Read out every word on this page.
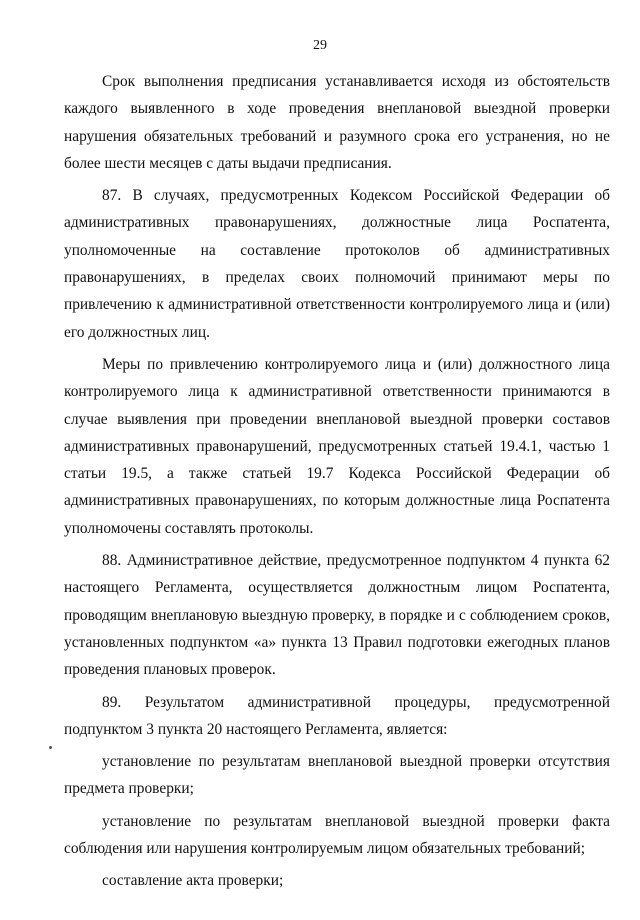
29

Срок выполнения предписания устанавливается исходя из обстоятельств каждого выявленного в ходе проведения внеплановой выездной проверки нарушения обязательных требований и разумного срока его устранения, но не более шести месяцев с даты выдачи предписания.

87. В случаях, предусмотренных Кодексом Российской Федерации об административных правонарушениях, должностные лица Роспатента, уполномоченные на составление протоколов об административных правонарушениях, в пределах своих полномочий принимают меры по привлечению к административной ответственности контролируемого лица и (или) его должностных лиц.

Меры по привлечению контролируемого лица и (или) должностного лица контролируемого лица к административной ответственности принимаются в случае выявления при проведении внеплановой выездной проверки составов административных правонарушений, предусмотренных статьей 19.4.1, частью 1 статьи 19.5, а также статьей 19.7 Кодекса Российской Федерации об административных правонарушениях, по которым должностные лица Роспатента уполномочены составлять протоколы.

88. Административное действие, предусмотренное подпунктом 4 пункта 62 настоящего Регламента, осуществляется должностным лицом Роспатента, проводящим внеплановую выездную проверку, в порядке и с соблюдением сроков, установленных подпунктом «а» пункта 13 Правил подготовки ежегодных планов проведения плановых проверок.

89. Результатом административной процедуры, предусмотренной подпунктом 3 пункта 20 настоящего Регламента, является:

установление по результатам внеплановой выездной проверки отсутствия предмета проверки;

установление по результатам внеплановой выездной проверки факта соблюдения или нарушения контролируемым лицом обязательных требований;

составление акта проверки;
